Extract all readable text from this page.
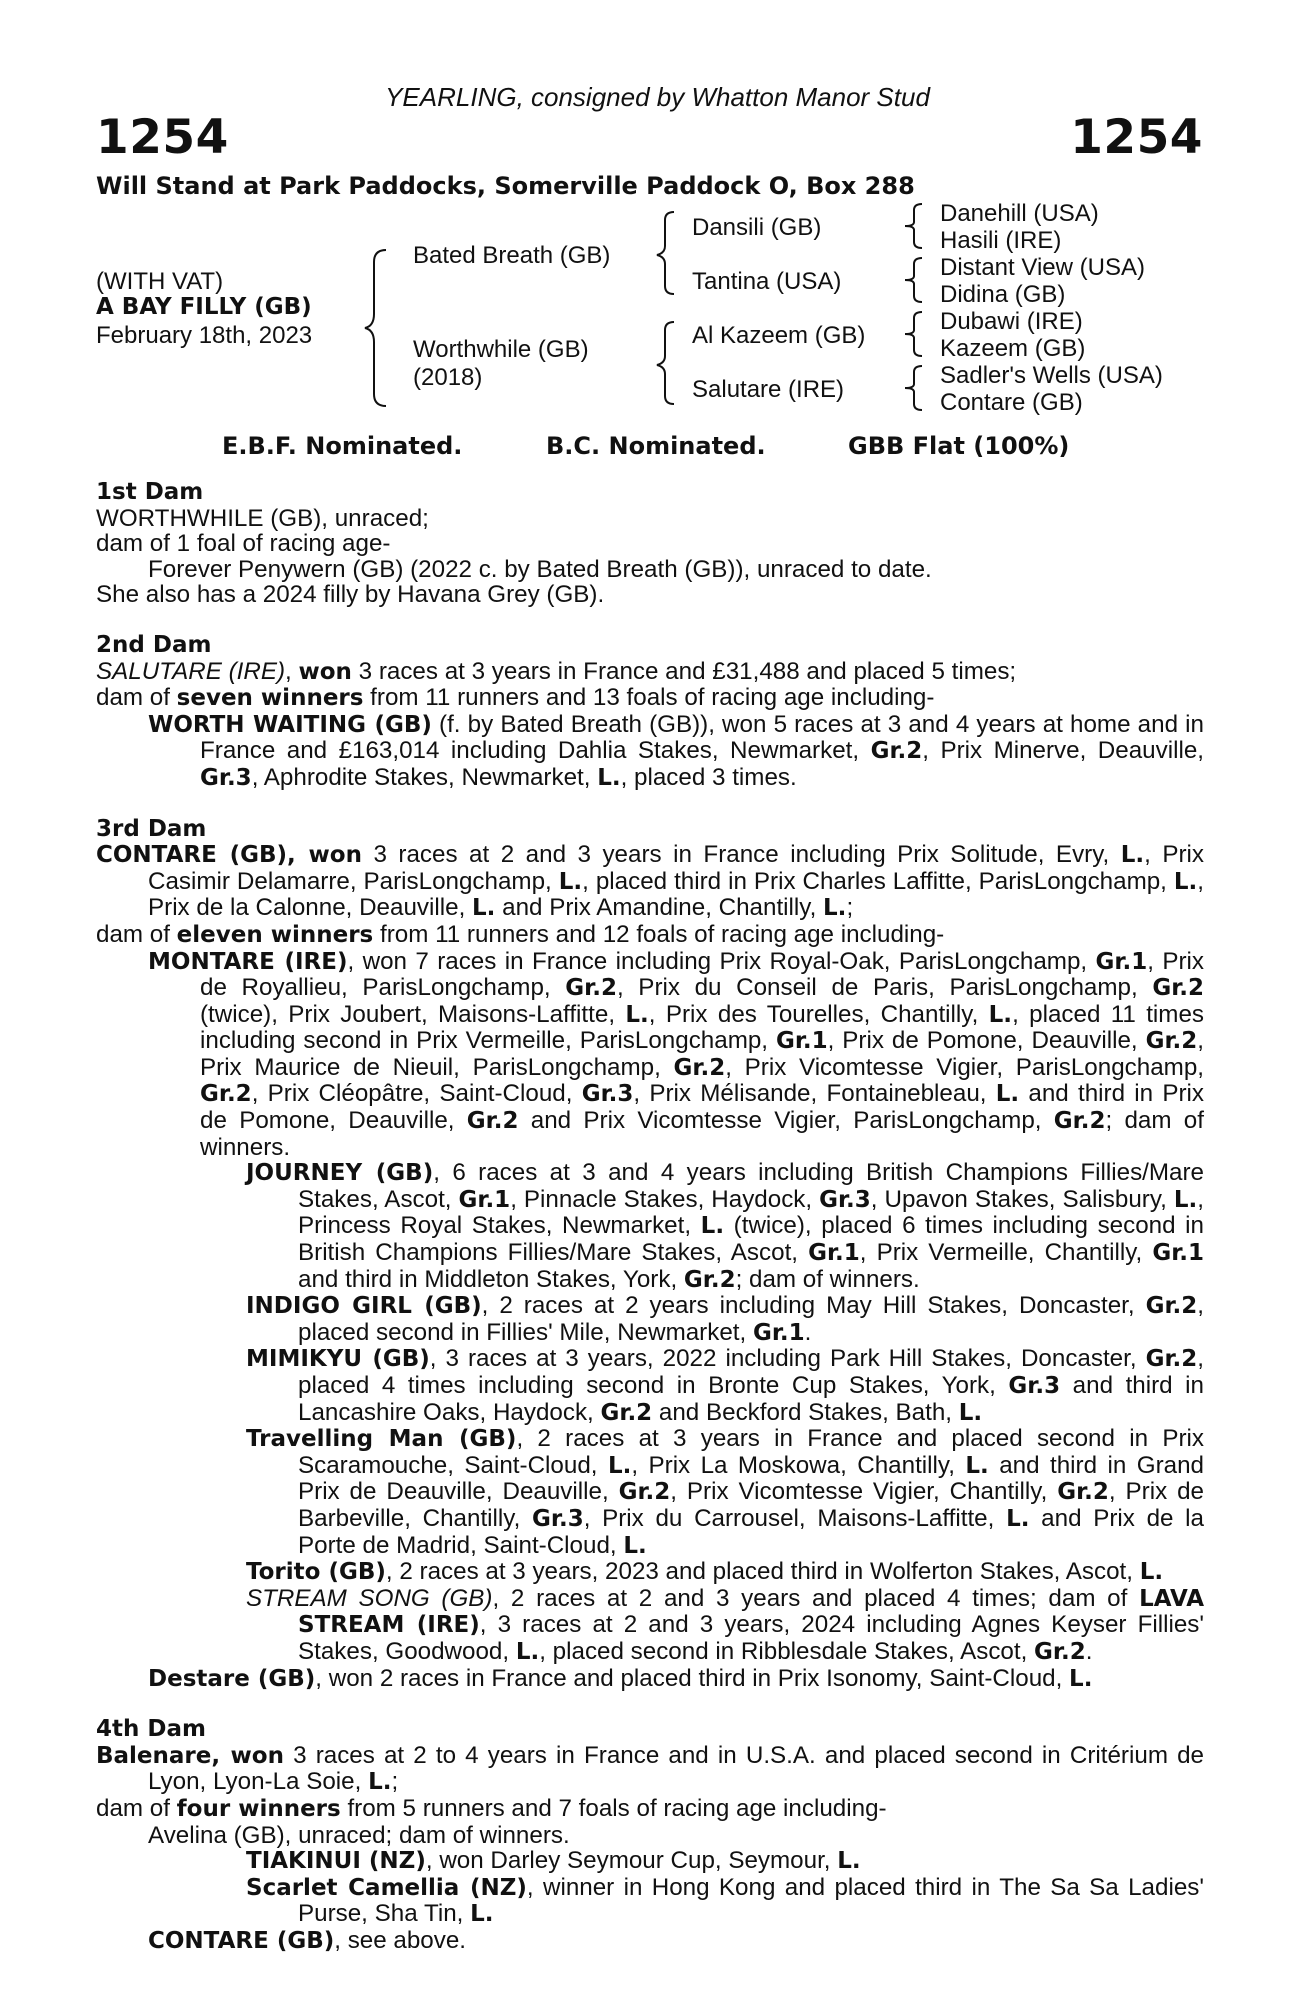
YEARLING, consigned by Whatton Manor Stud
1254	1254
Will Stand at Park Paddocks, Somerville Paddock O, Box 288
(WITH VAT)
A BAY FILLY (GB)
February 18th, 2023
Bated Breath (GB)
Worthwhile (GB)
(2018)
Dansili (GB)
Tantina (USA)
Al Kazeem (GB)
Salutare (IRE)
Danehill (USA)
Hasili (IRE)
Distant View (USA)
Didina (GB)
Dubawi (IRE)
Kazeem (GB)
Sadler's Wells (USA)
Contare (GB)
E.B.F. Nominated.	B.C. Nominated.	GBB Flat (100%)
1st Dam

WORTHWHILE (GB), unraced;

dam of 1 foal of racing age-

Forever Penywern (GB) (2022 c. by Bated Breath (GB)), unraced to date.

She also has a 2024 filly by Havana Grey (GB).

2nd Dam

SALUTARE (IRE), won 3 races at 3 years in France and £31,488 and placed 5 times;

dam of seven winners from 11 runners and 13 foals of racing age including-

WORTH WAITING (GB) (f. by Bated Breath (GB)), won 5 races at 3 and 4 years at home and in France and £163,014 including Dahlia Stakes, Newmarket, Gr.2, Prix Minerve, Deauville, Gr.3, Aphrodite Stakes, Newmarket, L., placed 3 times.

3rd Dam

CONTARE (GB), won 3 races at 2 and 3 years in France including Prix Solitude, Evry, L., Prix Casimir Delamarre, ParisLongchamp, L., placed third in Prix Charles Laffitte, ParisLongchamp, L., Prix de la Calonne, Deauville, L. and Prix Amandine, Chantilly, L.;

dam of eleven winners from 11 runners and 12 foals of racing age including-

MONTARE (IRE), won 7 races in France including Prix Royal-Oak, ParisLongchamp, Gr.1, Prix de Royallieu, ParisLongchamp, Gr.2, Prix du Conseil de Paris, ParisLongchamp, Gr.2 (twice), Prix Joubert, Maisons-Laffitte, L., Prix des Tourelles, Chantilly, L., placed 11 times including second in Prix Vermeille, ParisLongchamp, Gr.1, Prix de Pomone, Deauville, Gr.2, Prix Maurice de Nieuil, ParisLongchamp, Gr.2, Prix Vicomtesse Vigier, ParisLongchamp, Gr.2, Prix Cléopâtre, Saint-Cloud, Gr.3, Prix Mélisande, Fontainebleau, L. and third in Prix de Pomone, Deauville, Gr.2 and Prix Vicomtesse Vigier, ParisLongchamp, Gr.2; dam of winners.

JOURNEY (GB), 6 races at 3 and 4 years including British Champions Fillies/Mare Stakes, Ascot, Gr.1, Pinnacle Stakes, Haydock, Gr.3, Upavon Stakes, Salisbury, L., Princess Royal Stakes, Newmarket, L. (twice), placed 6 times including second in British Champions Fillies/Mare Stakes, Ascot, Gr.1, Prix Vermeille, Chantilly, Gr.1 and third in Middleton Stakes, York, Gr.2; dam of winners.

INDIGO GIRL (GB), 2 races at 2 years including May Hill Stakes, Doncaster, Gr.2, placed second in Fillies' Mile, Newmarket, Gr.1.

MIMIKYU (GB), 3 races at 3 years, 2022 including Park Hill Stakes, Doncaster, Gr.2, placed 4 times including second in Bronte Cup Stakes, York, Gr.3 and third in Lancashire Oaks, Haydock, Gr.2 and Beckford Stakes, Bath, L.

Travelling Man (GB), 2 races at 3 years in France and placed second in Prix Scaramouche, Saint-Cloud, L., Prix La Moskowa, Chantilly, L. and third in Grand Prix de Deauville, Deauville, Gr.2, Prix Vicomtesse Vigier, Chantilly, Gr.2, Prix de Barbeville, Chantilly, Gr.3, Prix du Carrousel, Maisons-Laffitte, L. and Prix de la Porte de Madrid, Saint-Cloud, L.

Torito (GB), 2 races at 3 years, 2023 and placed third in Wolferton Stakes, Ascot, L.

STREAM SONG (GB), 2 races at 2 and 3 years and placed 4 times; dam of LAVA STREAM (IRE), 3 races at 2 and 3 years, 2024 including Agnes Keyser Fillies' Stakes, Goodwood, L., placed second in Ribblesdale Stakes, Ascot, Gr.2.

Destare (GB), won 2 races in France and placed third in Prix Isonomy, Saint-Cloud, L.

4th Dam

Balenare, won 3 races at 2 to 4 years in France and in U.S.A. and placed second in Critérium de Lyon, Lyon-La Soie, L.;

dam of four winners from 5 runners and 7 foals of racing age including-

Avelina (GB), unraced; dam of winners.

TIAKINUI (NZ), won Darley Seymour Cup, Seymour, L.

Scarlet Camellia (NZ), winner in Hong Kong and placed third in The Sa Sa Ladies' Purse, Sha Tin, L.

CONTARE (GB), see above.
